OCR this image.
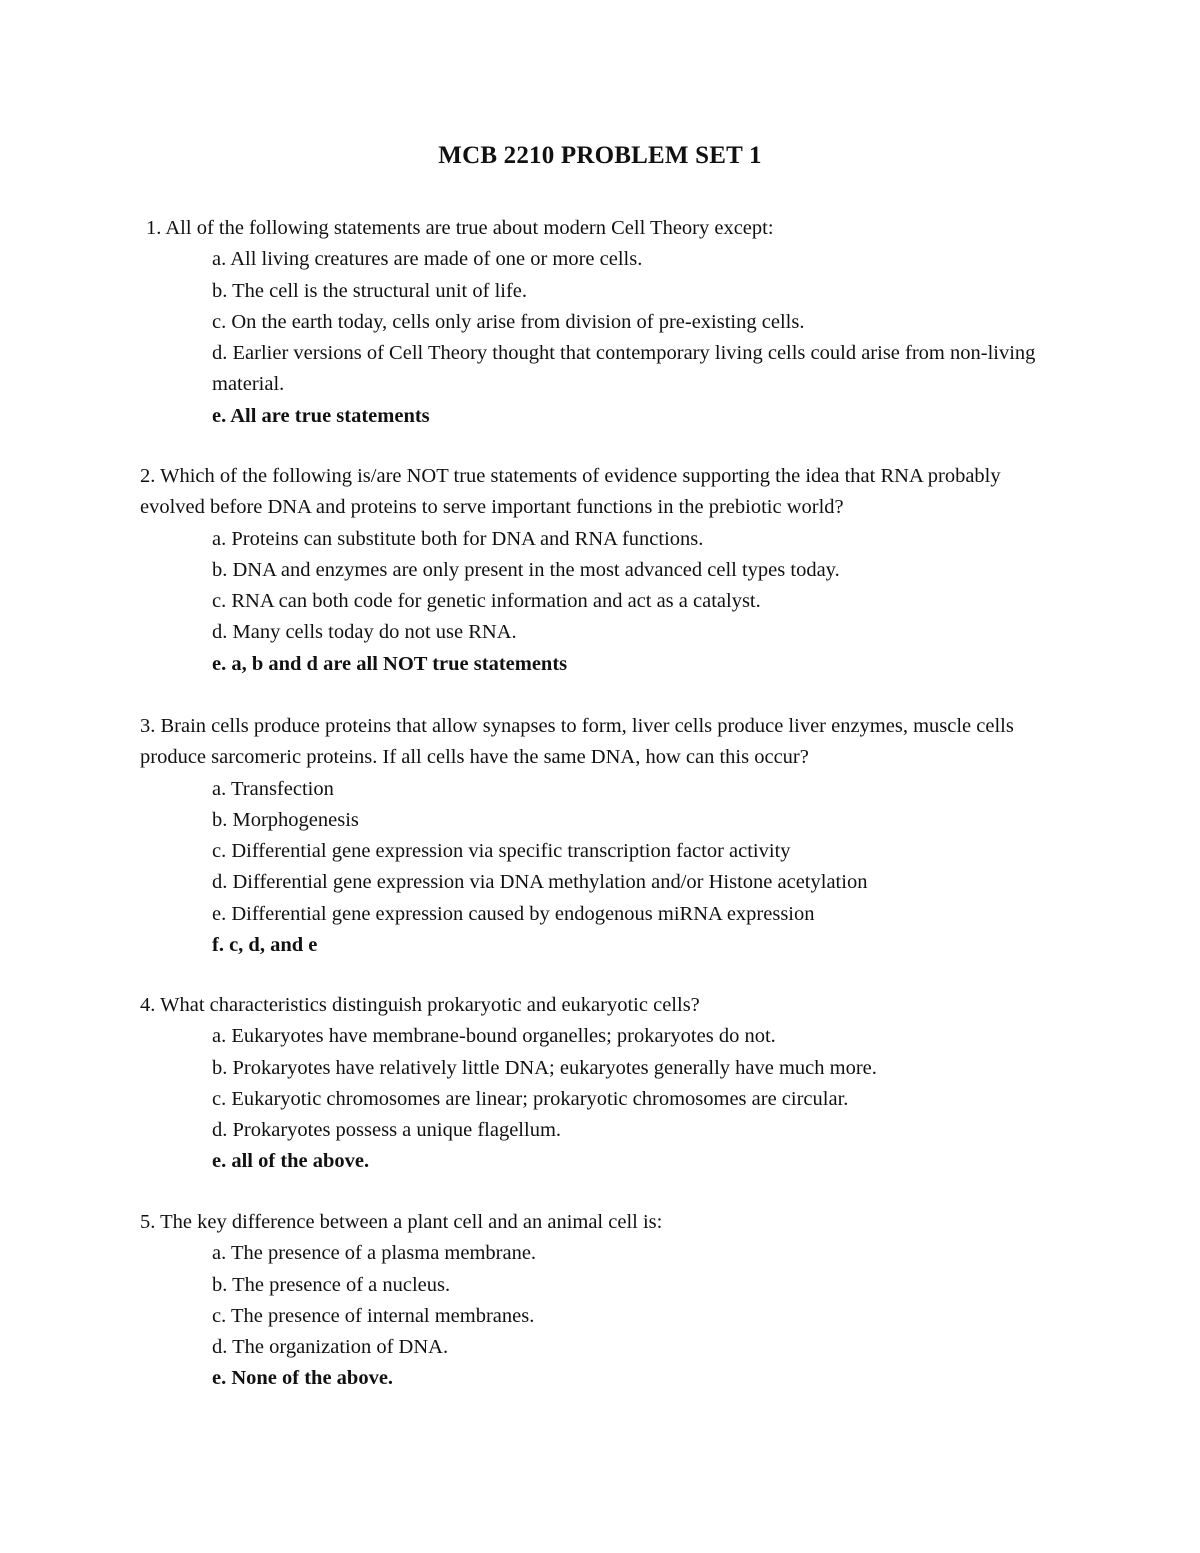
MCB 2210 PROBLEM SET 1

1. All of the following statements are true about modern Cell Theory except:

a. All living creatures are made of one or more cells.
b. The cell is the structural unit of life.
c. On the earth today, cells only arise from division of pre-existing cells.
d. Earlier versions of Cell Theory thought that contemporary living cells could arise from non-living material.
e. All are true statements

2. Which of the following is/are NOT true statements of evidence supporting the idea that RNA probably evolved before DNA and proteins to serve important functions in the prebiotic world?

a. Proteins can substitute both for DNA and RNA functions.
b. DNA and enzymes are only present in the most advanced cell types today.
c. RNA can both code for genetic information and act as a catalyst.
d. Many cells today do not use RNA.
e. a, b and d are all NOT true statements

3. Brain cells produce proteins that allow synapses to form, liver cells produce liver enzymes, muscle cells produce sarcomeric proteins. If all cells have the same DNA, how can this occur?

a. Transfection
b. Morphogenesis
c. Differential gene expression via specific transcription factor activity
d. Differential gene expression via DNA methylation and/or Histone acetylation
e. Differential gene expression caused by endogenous miRNA expression
f. c, d, and e

4. What characteristics distinguish prokaryotic and eukaryotic cells?

a. Eukaryotes have membrane-bound organelles; prokaryotes do not.
b. Prokaryotes have relatively little DNA; eukaryotes generally have much more.
c. Eukaryotic chromosomes are linear; prokaryotic chromosomes are circular.
d. Prokaryotes possess a unique flagellum.
e. all of the above.

5. The key difference between a plant cell and an animal cell is:

a. The presence of a plasma membrane.
b. The presence of a nucleus.
c. The presence of internal membranes.
d. The organization of DNA.
e. None of the above.
